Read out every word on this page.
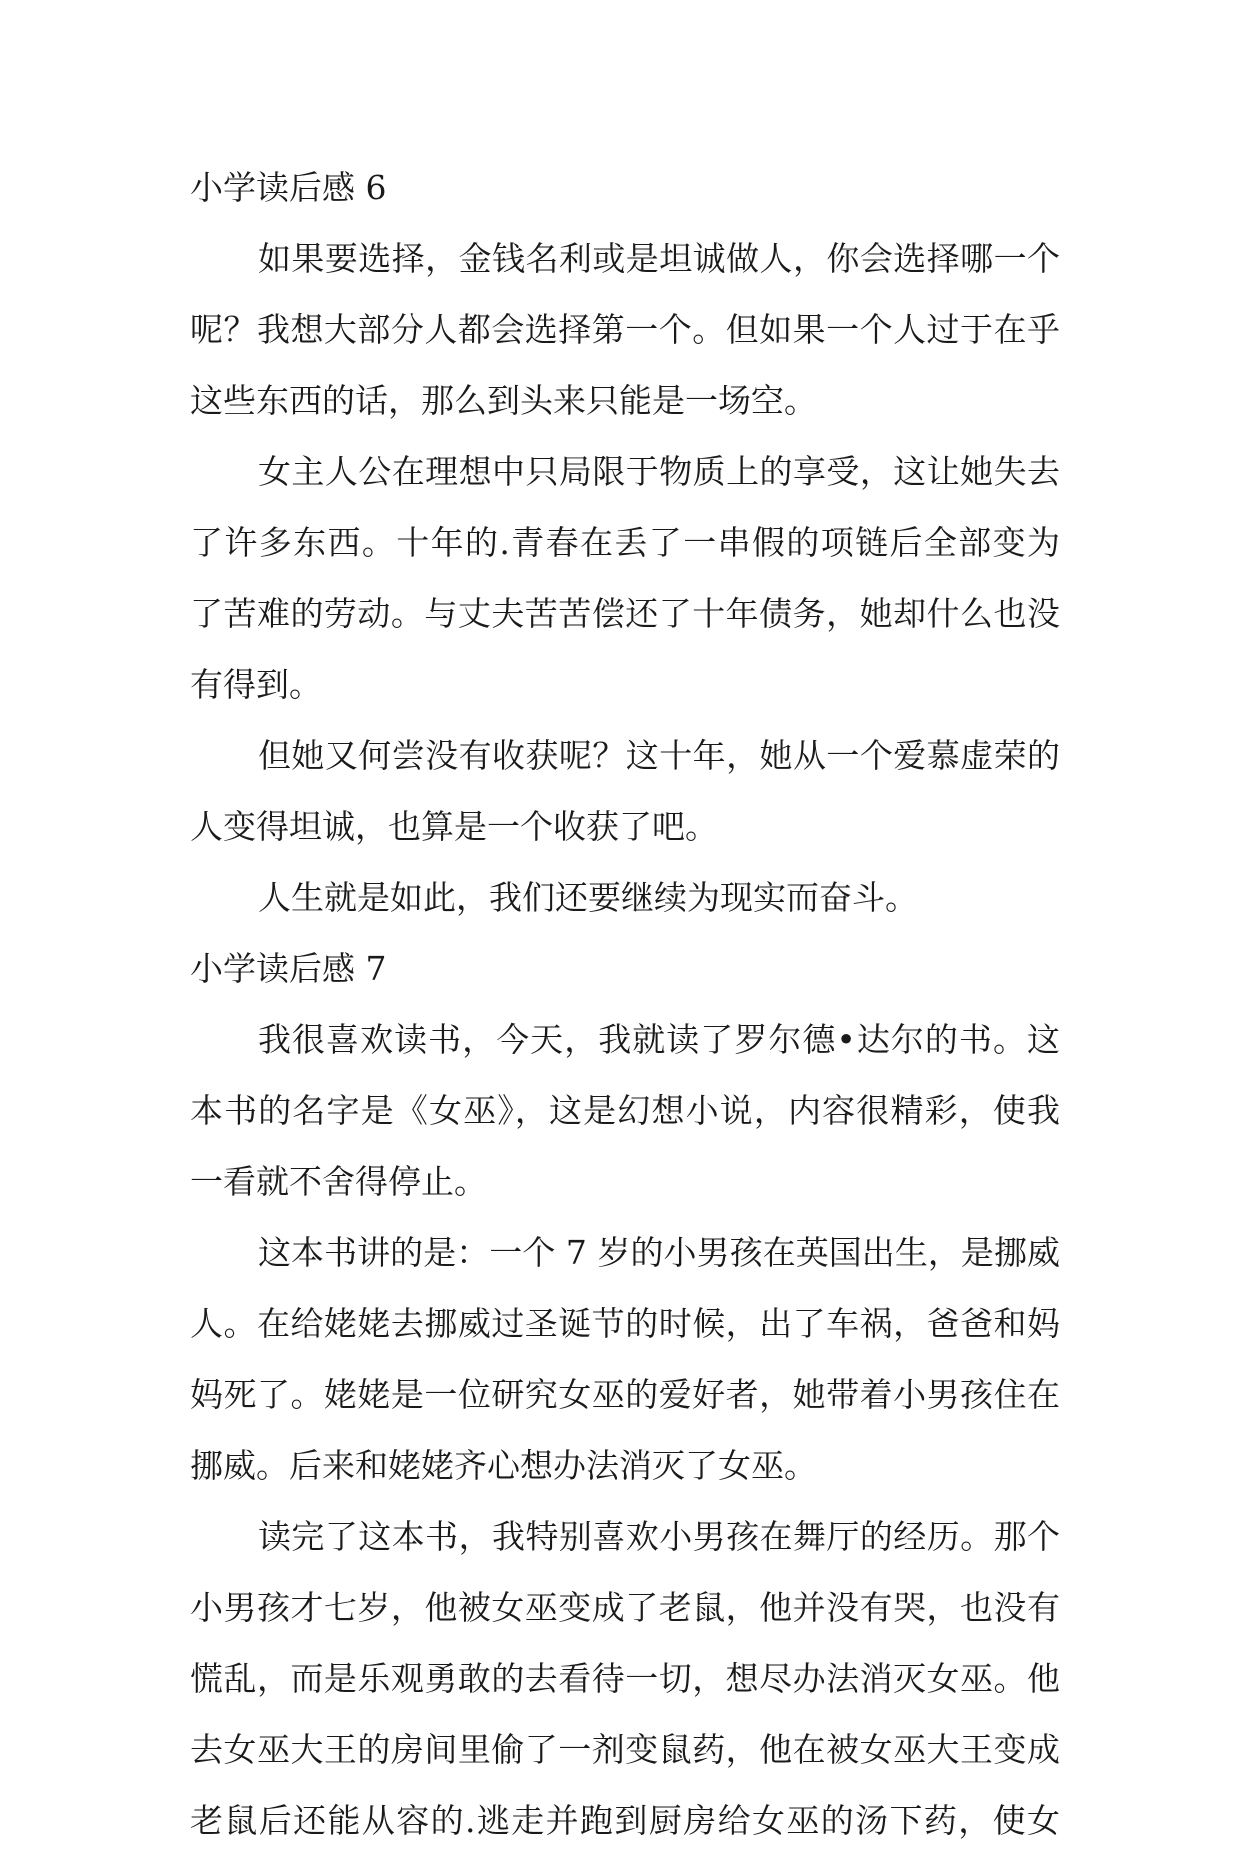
小学读后感 6
如果要选择，金钱名利或是坦诚做人，你会选择哪一个
呢？我想大部分人都会选择第一个。但如果一个人过于在乎
这些东西的话，那么到头来只能是一场空。
女主人公在理想中只局限于物质上的享受，这让她失去
了许多东西。十年的.青春在丢了一串假的项链后全部变为
了苦难的劳动。与丈夫苦苦偿还了十年债务，她却什么也没
有得到。
但她又何尝没有收获呢？这十年，她从一个爱慕虚荣的
人变得坦诚，也算是一个收获了吧。
人生就是如此，我们还要继续为现实而奋斗。
小学读后感 7
我很喜欢读书，今天，我就读了罗尔德•达尔的书。这
本书的名字是《女巫》，这是幻想小说，内容很精彩，使我
一看就不舍得停止。
这本书讲的是：一个 7 岁的小男孩在英国出生，是挪威
人。在给姥姥去挪威过圣诞节的时候，出了车祸，爸爸和妈
妈死了。姥姥是一位研究女巫的爱好者，她带着小男孩住在
挪威。后来和姥姥齐心想办法消灭了女巫。
读完了这本书，我特别喜欢小男孩在舞厅的经历。那个
小男孩才七岁，他被女巫变成了老鼠，他并没有哭，也没有
慌乱，而是乐观勇敢的去看待一切，想尽办法消灭女巫。他
去女巫大王的房间里偷了一剂变鼠药，他在被女巫大王变成
老鼠后还能从容的.逃走并跑到厨房给女巫的汤下药，使女
